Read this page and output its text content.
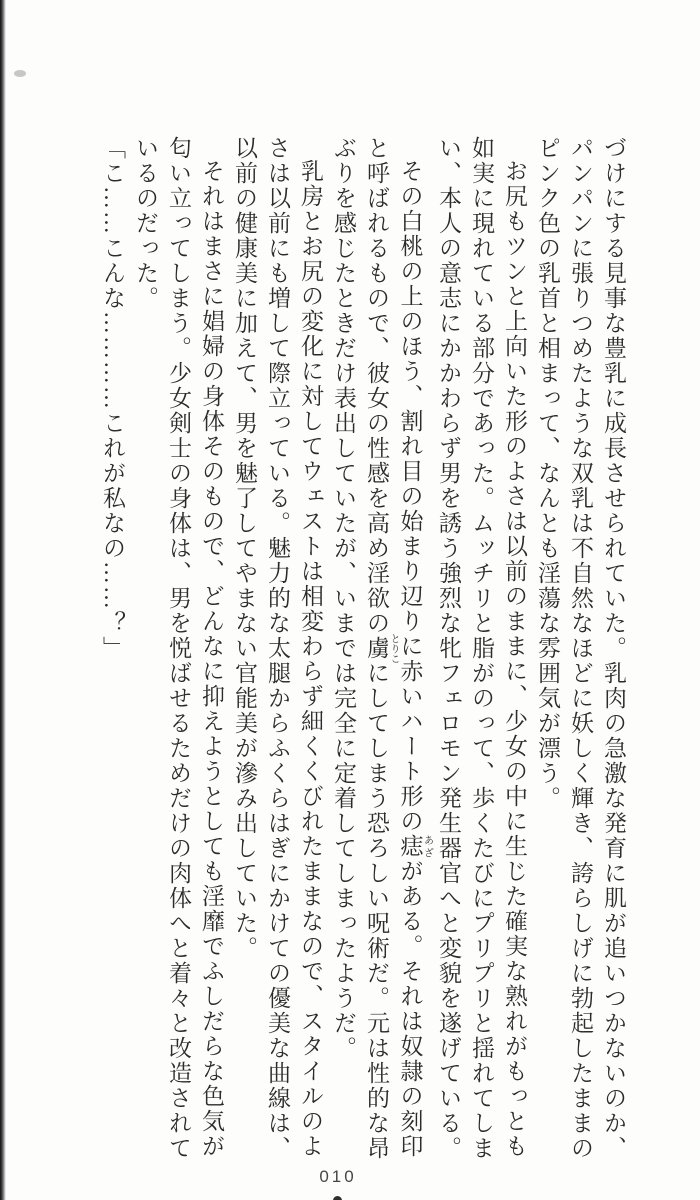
づけにする見事な豊乳に成長させられていた。乳肉の急激な発育に肌が追いつかないのか、パンパンに張りつめたような双乳は不自然なほどに妖しく輝き、誇らしげに勃起したままのピンク色の乳首と相まって、なんとも淫蕩な雰囲気が漂う。

お尻もツンと上向いた形のよさは以前のままに、少女の中に生じた確実な熟れがもっとも如実に現れている部分であった。ムッチリと脂がのって、歩くたびにプリプリと揺れてしまい、本人の意志にかかわらず男を誘う強烈な牝フェロモン発生器官へと変貌を遂げている。

その白桃の上のほう、割れ目の始まり辺りに赤いハート形の痣 あざがある。それは奴隷の刻印と呼ばれるもので、彼女の性感を高め淫欲の虜 とりこにしてしまう恐ろしい呪術だ。元は性的な昂ぶりを感じたときだけ表出していたが、いまでは完全に定着してしまったようだ。

乳房とお尻の変化に対してウェストは相変わらず細くくびれたままなので、スタイルのよさは以前にも増して際立っている。魅力的な太腿からふくらはぎにかけての優美な曲線は、以前の健康美に加えて、男を魅了してやまない官能美が滲み出していた。

それはまさに娼婦の身体そのもので、どんなに抑えようとしても淫靡でふしだらな色気が匂い立ってしまう。少女剣士の身体は、男を悦ばせるためだけの肉体へと着々と改造されているのだった。

「こ……こんな…………これが私なの……？」

010
